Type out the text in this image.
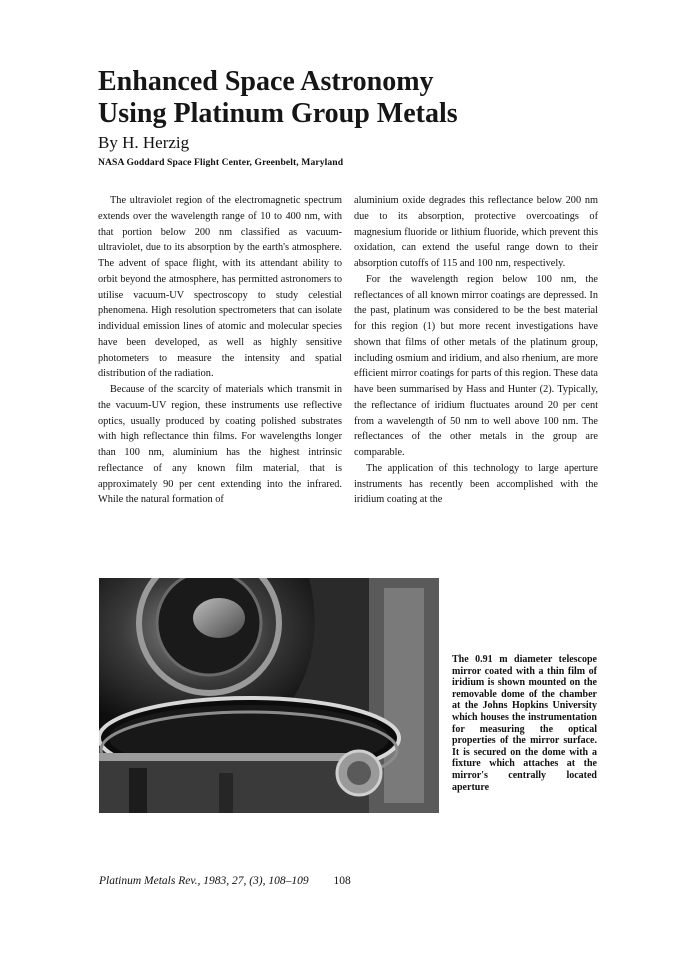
Enhanced Space Astronomy
Using Platinum Group Metals

By H. Herzig

NASA Goddard Space Flight Center, Greenbelt, Maryland

The ultraviolet region of the electromagnetic spectrum extends over the wavelength range of 10 to 400 nm, with that portion below 200 nm classified as vacuum-ultraviolet, due to its absorption by the earth's atmosphere. The advent of space flight, with its attendant ability to orbit beyond the atmosphere, has permitted astronomers to utilise vacuum-UV spectroscopy to study celestial phenomena. High resolution spectrometers that can isolate individual emission lines of atomic and molecular species have been developed, as well as highly sensitive photometers to measure the intensity and spatial distribution of the radiation.

Because of the scarcity of materials which transmit in the vacuum-UV region, these instruments use reflective optics, usually produced by coating polished substrates with high reflectance thin films. For wavelengths longer than 100 nm, aluminium has the highest intrinsic reflectance of any known film material, that is approximately 90 per cent extending into the infrared. While the natural formation of

aluminium oxide degrades this reflectance below 200 nm due to its absorption, protective overcoatings of magnesium fluoride or lithium fluoride, which prevent this oxidation, can extend the useful range down to their absorption cutoffs of 115 and 100 nm, respectively.

For the wavelength region below 100 nm, the reflectances of all known mirror coatings are depressed. In the past, platinum was considered to be the best material for this region (1) but more recent investigations have shown that films of other metals of the platinum group, including osmium and iridium, and also rhenium, are more efficient mirror coatings for parts of this region. These data have been summarised by Hass and Hunter (2). Typically, the reflectance of iridium fluctuates around 20 per cent from a wavelength of 50 nm to well above 100 nm. The reflectances of the other metals in the group are comparable.

The application of this technology to large aperture instruments has recently been accomplished with the iridium coating at the

The 0.91 m diameter telescope mirror coated with a thin film of iridium is shown mounted on the removable dome of the chamber at the Johns Hopkins University which houses the instrumentation for measuring the optical properties of the mirror surface. It is secured on the dome with a fixture which attaches at the mirror's centrally located aperture

Platinum Metals Rev., 1983, 27, (3), 108–109 108
